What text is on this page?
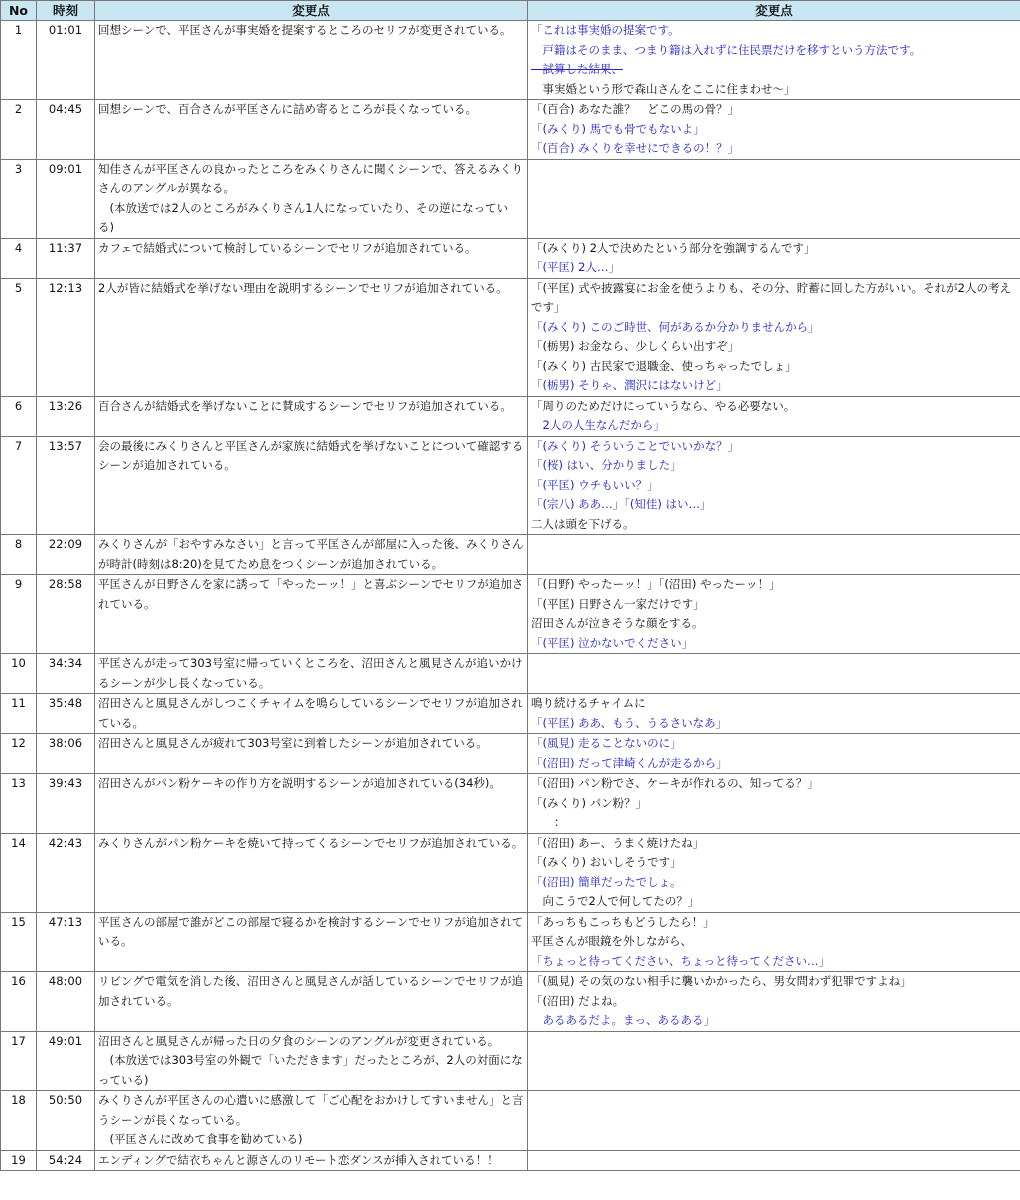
No	時刻	変更点	変更点
1	01:01	回想シーンで、平匡さんが事実婚を提案するところのセリフが変更されている。	「これは事実婚の提案です。
　戸籍はそのまま、つまり籍は入れずに住民票だけを移すという方法です。
　試算した結果、
　事実婚という形で森山さんをここに住まわせ〜」

2	04:45	回想シーンで、百合さんが平匡さんに詰め寄るところが長くなっている。	「(百合) あなた誰？　どこの馬の骨？」
「(みくり) 馬でも骨でもないよ」
「(百合) みくりを幸せにできるの！？」

3	09:01	知佳さんが平匡さんの良かったところをみくりさんに聞くシーンで、答えるみくりさんのアングルが異なる。
　(本放送では2人のところがみくりさん1人になっていたり、その逆になっている)	
4	11:37	カフェで結婚式について検討しているシーンでセリフが追加されている。	「(みくり) 2人で決めたという部分を強調するんです」
「(平匡) 2人…」

5	12:13	2人が皆に結婚式を挙げない理由を説明するシーンでセリフが追加されている。	「(平匡) 式や披露宴にお金を使うよりも、その分、貯蓄に回した方がいい。それが2人の考えです」
「(みくり) このご時世、何があるか分かりませんから」
「(栃男) お金なら、少しくらい出すぞ」
「(みくり) 古民家で退職金、使っちゃったでしょ」
「(栃男) そりゃ、潤沢にはないけど」

6	13:26	百合さんが結婚式を挙げないことに賛成するシーンでセリフが追加されている。	「周りのためだけにっていうなら、やる必要ない。
　2人の人生なんだから」

7	13:57	会の最後にみくりさんと平匡さんが家族に結婚式を挙げないことについて確認するシーンが追加されている。	「(みくり) そういうことでいいかな？」
「(桜) はい、分かりました」
「(平匡) ウチもいい？」
「(宗八) ああ…」「(知佳) はい…」
二人は頭を下げる。

8	22:09	みくりさんが「おやすみなさい」と言って平匡さんが部屋に入った後、みくりさんが時計(時刻は8:20)を見てため息をつくシーンが追加されている。	
9	28:58	平匡さんが日野さんを家に誘って「やったーッ！」と喜ぶシーンでセリフが追加されている。	「(日野) やったーッ！」「(沼田) やったーッ！」
「(平匡) 日野さん一家だけです」
沼田さんが泣きそうな顔をする。
「(平匡) 泣かないでください」

10	34:34	平匡さんが走って303号室に帰っていくところを、沼田さんと風見さんが追いかけるシーンが少し長くなっている。	
11	35:48	沼田さんと風見さんがしつこくチャイムを鳴らしているシーンでセリフが追加されている。	鳴り続けるチャイムに
「(平匡) ああ、もう、うるさいなあ」

12	38:06	沼田さんと風見さんが疲れて303号室に到着したシーンが追加されている。	「(風見) 走ることないのに」
「(沼田) だって津崎くんが走るから」

13	39:43	沼田さんがパン粉ケーキの作り方を説明するシーンが追加されている(34秒)。	「(沼田) パン粉でさ、ケーキが作れるの、知ってる？」
「(みくり) パン粉？」
　　：

14	42:43	みくりさんがパン粉ケーキを焼いて持ってくるシーンでセリフが追加されている。	「(沼田) あー、うまく焼けたね」
「(みくり) おいしそうです」
「(沼田) 簡単だったでしょ。
　向こうで2人で何してたの？」

15	47:13	平匡さんの部屋で誰がどこの部屋で寝るかを検討するシーンでセリフが追加されている。	「あっちもこっちもどうしたら！」
平匡さんが眼鏡を外しながら、
「ちょっと待ってください、ちょっと待ってください…」

16	48:00	リビングで電気を消した後、沼田さんと風見さんが話しているシーンでセリフが追加されている。	「(風見) その気のない相手に襲いかかったら、男女問わず犯罪ですよね」
「(沼田) だよね。
　あるあるだよ。まっ、あるある」

17	49:01	沼田さんと風見さんが帰った日の夕食のシーンのアングルが変更されている。
　(本放送では303号室の外観で「いただきます」だったところが、2人の対面になっている)	
18	50:50	みくりさんが平匡さんの心遣いに感激して「ご心配をおかけしてすいません」と言うシーンが長くなっている。
　(平匡さんに改めて食事を勧めている)	
19	54:24	エンディングで結衣ちゃんと源さんのリモート恋ダンスが挿入されている！！	
